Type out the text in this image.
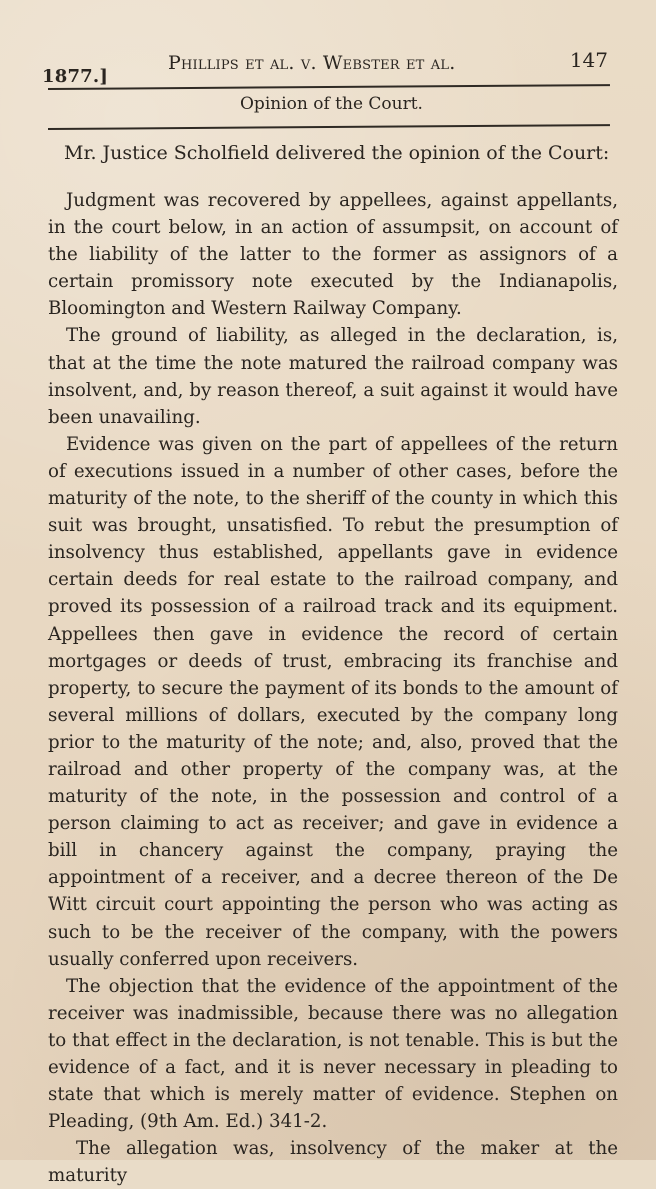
1877.]
Phillips et al. v. Webster et al.	147
Opinion of the Court.

Mr. Justice Scholfield delivered the opinion of the Court:

Judgment was recovered by appellees, against appellants, in the court below, in an action of assumpsit, on account of the liability of the latter to the former as assignors of a certain promissory note executed by the Indianapolis, Bloomington and Western Railway Company.

The ground of liability, as alleged in the declaration, is, that at the time the note matured the railroad company was insolvent, and, by reason thereof, a suit against it would have been unavailing.

Evidence was given on the part of appellees of the return of executions issued in a number of other cases, before the maturity of the note, to the sheriff of the county in which this suit was brought, unsatisfied. To rebut the presumption of insolvency thus established, appellants gave in evidence certain deeds for real estate to the railroad company, and proved its possession of a railroad track and its equipment. Appellees then gave in evidence the record of certain mortgages or deeds of trust, embracing its franchise and property, to secure the payment of its bonds to the amount of several millions of dollars, executed by the company long prior to the maturity of the note; and, also, proved that the railroad and other property of the company was, at the maturity of the note, in the possession and control of a person claiming to act as receiver; and gave in evidence a bill in chancery against the company, praying the appointment of a receiver, and a decree thereon of the De Witt circuit court appointing the person who was acting as such to be the receiver of the company, with the powers usually conferred upon receivers.

The objection that the evidence of the appointment of the receiver was inadmissible, because there was no allegation to that effect in the declaration, is not tenable. This is but the evidence of a fact, and it is never necessary in pleading to state that which is merely matter of evidence. Stephen on Pleading, (9th Am. Ed.) 341-2.

The allegation was, insolvency of the maker at the maturity
